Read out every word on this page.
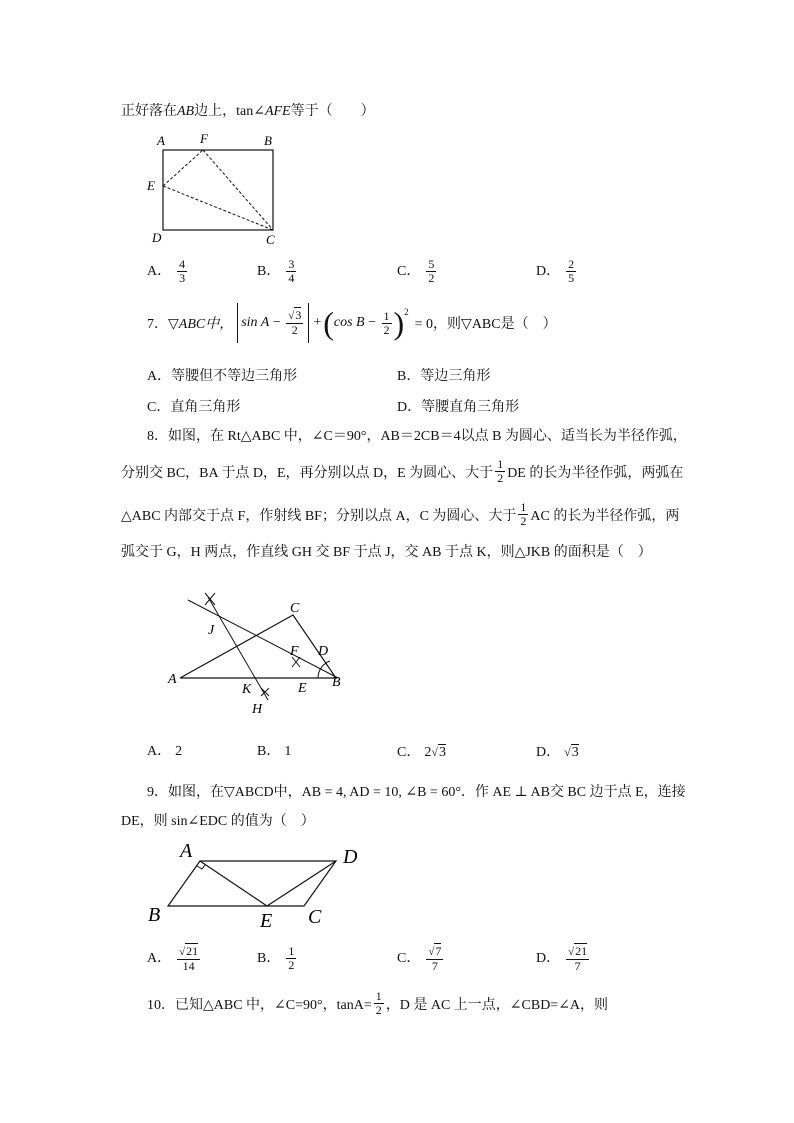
正好落在AB边上，tan∠AFE等于（　　）
A	F	B
E
D	C
A． $\frac{4}{3}$	B． $\frac{3}{4}$	C． $\frac{5}{2}$	D． $\frac{2}{5}$
7． ▽ABC中， $\sin A - \frac{√3}{2}$ + ( $\cos B - \frac{1}{2} )^2$
= 0，则▽ABC是（　）
A．等腰但不等边三角形	B．等边三角形
C．直角三角形	D．等腰直角三角形
8．如图，在 Rt△ABC 中，∠C＝90°，AB＝2CB＝4以点 B 为圆心、适当长为半径作弧，
分别交 BC，BA 于点 D，E，再分别以点 D，E 为圆心、大于 $\frac{1}{2}$ DE 的长为半径作弧，两弧在
△ABC 内部交于点 F，作射线 BF；分别以点 A，C 为圆心、大于 $\frac{1}{2}$ AC 的长为半径作弧，两
弧交于 G，H 两点，作直线 GH 交 BF 于点 J，交 AB 于点 K，则△JKB 的面积是（　）
C
J
F D
A
K	E B
H
A． 2	B． 1	C． 2√3	D． √3
9．如图，在▽ABCD中，AB = 4, AD = 10, ∠B = 60°．作 AE ⊥ AB交 BC 边于点 E，连接
DE，则 sin∠EDC 的值为（　）
A	D
B	E C
A． $\frac{√21}{14}$	B． $\frac{1}{2}$	C． $\frac{√7}{7}$	D． $\frac{√21}{7}$
10．已知△ABC 中，∠C=90°，$\tan A= \frac{1}{2}$ ，D 是 AC 上一点，∠CBD=∠A，则
